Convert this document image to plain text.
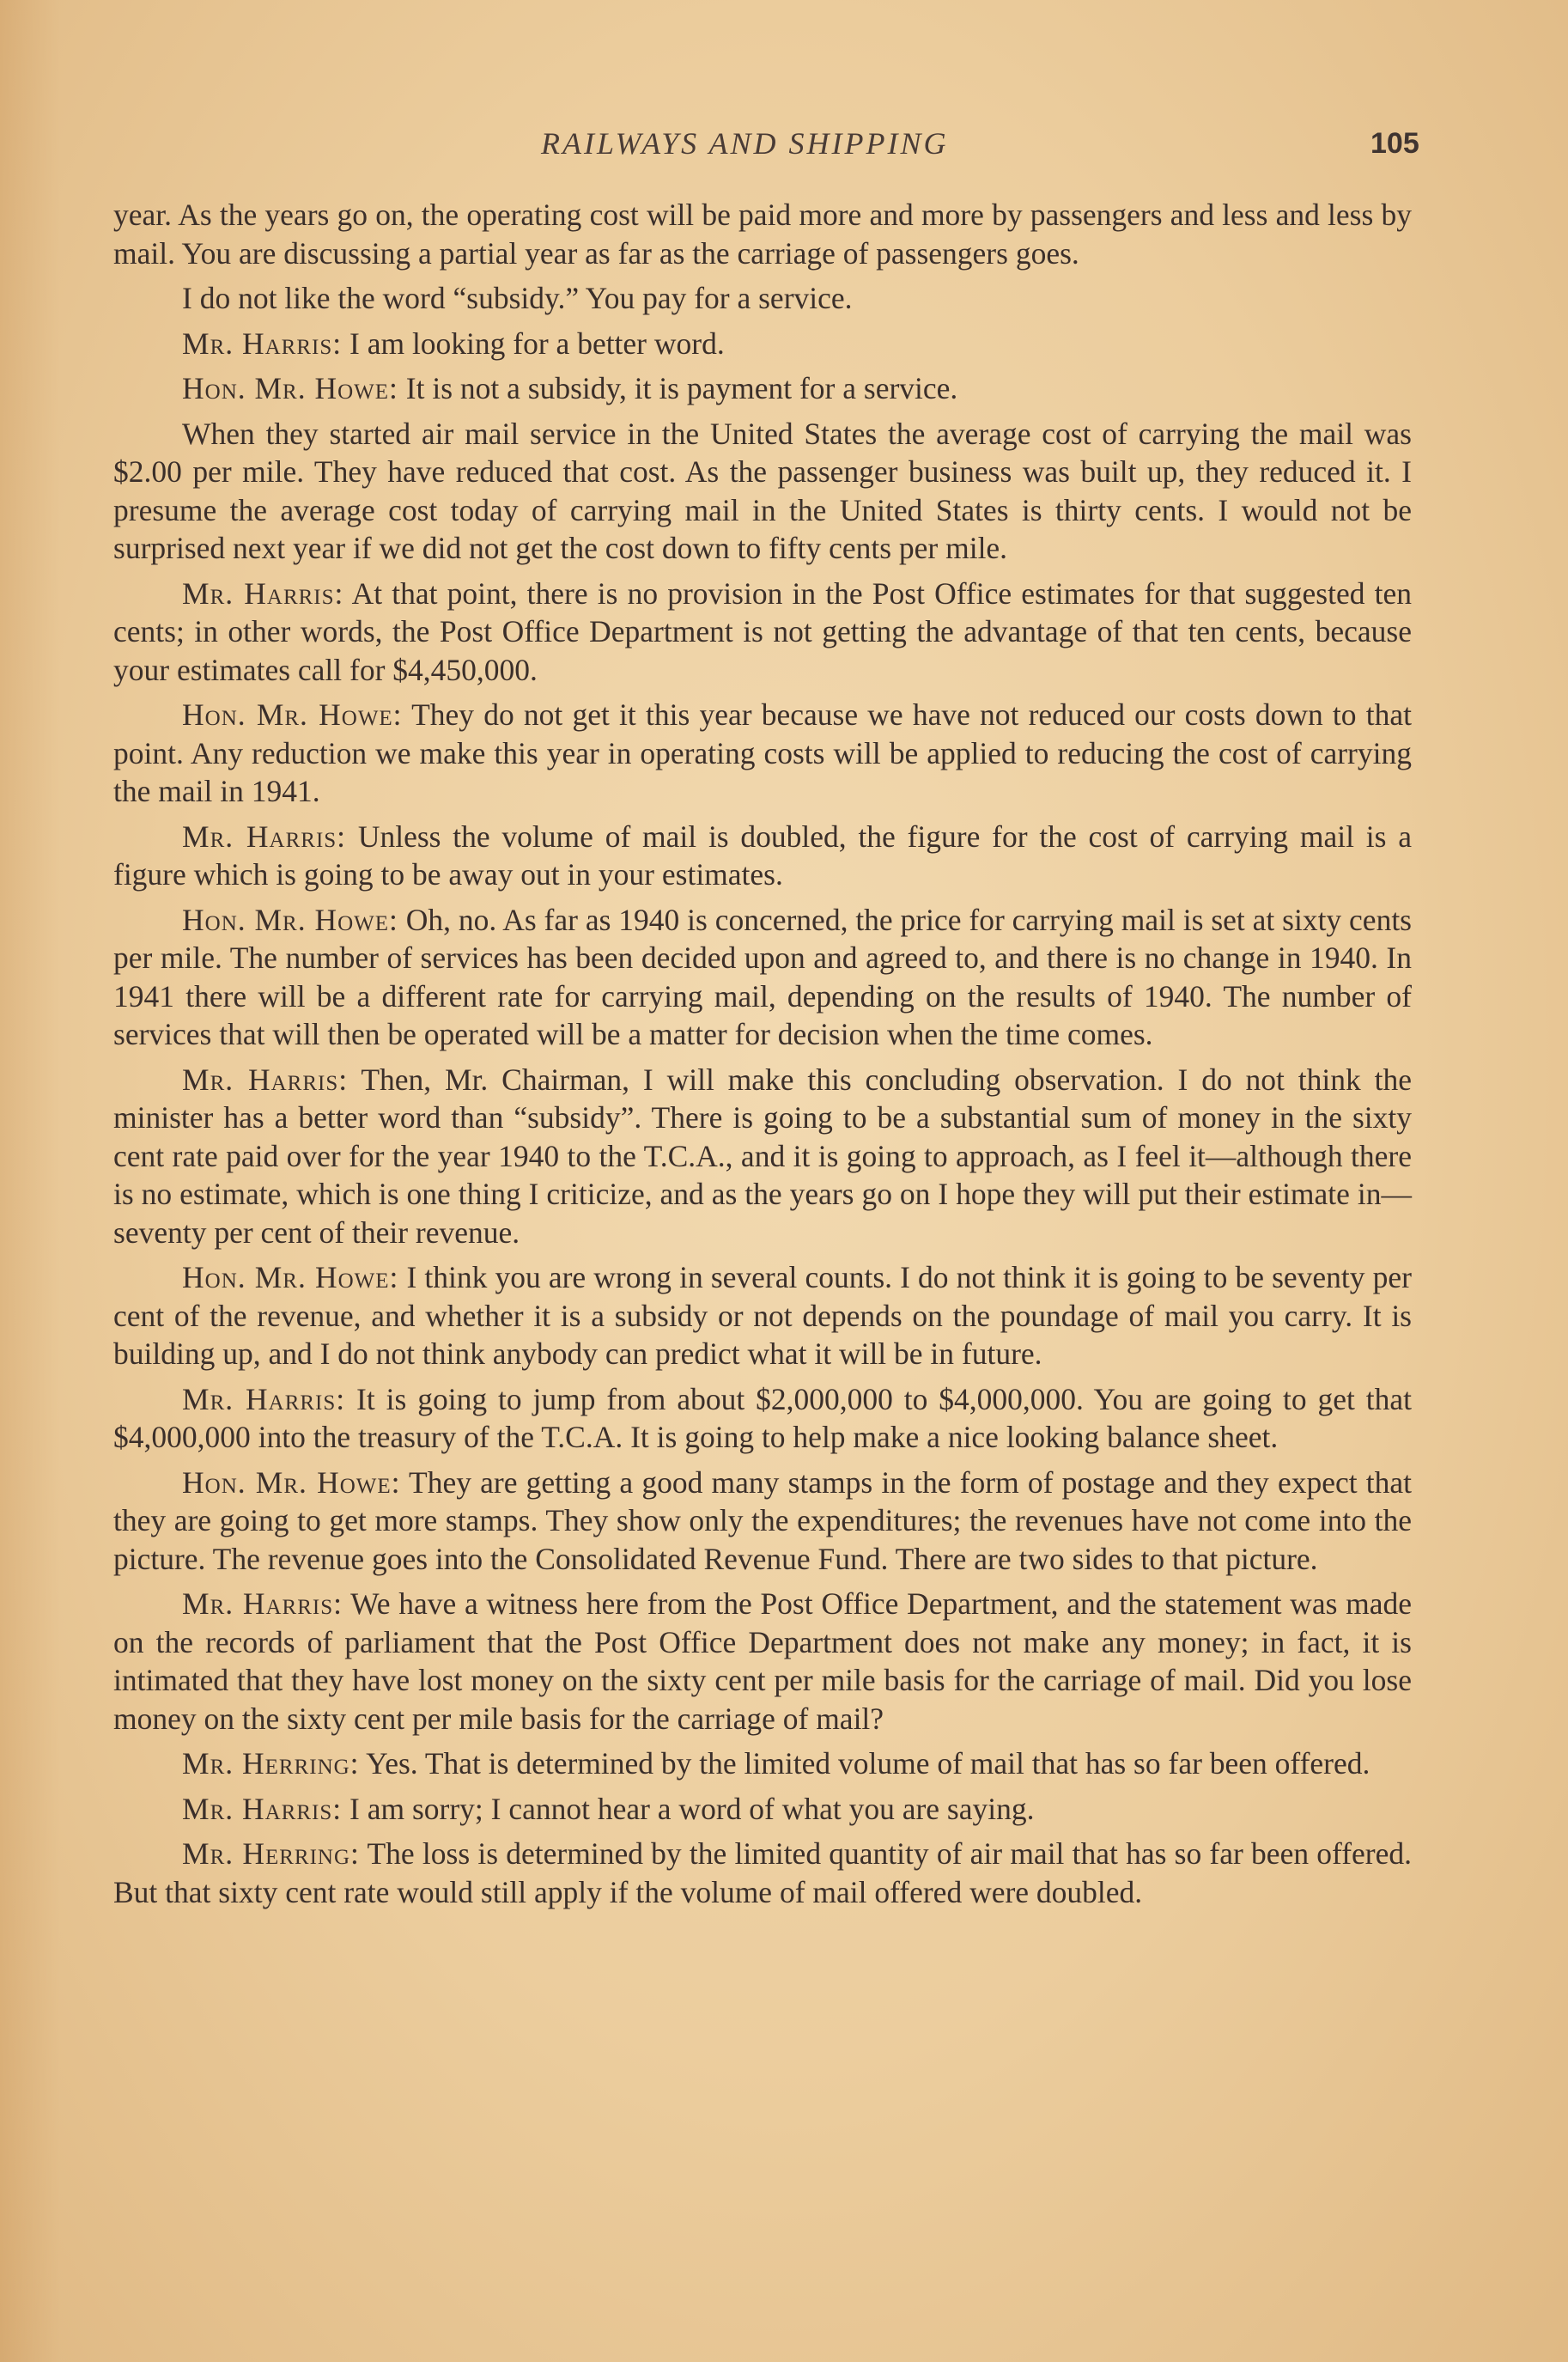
RAILWAYS AND SHIPPING	105

year. As the years go on, the operating cost will be paid more and more by passengers and less and less by mail. You are discussing a partial year as far as the carriage of passengers goes.

I do not like the word “subsidy.” You pay for a service.

Mr. Harris: I am looking for a better word.

Hon. Mr. Howe: It is not a subsidy, it is payment for a service.

When they started air mail service in the United States the average cost of carrying the mail was $2.00 per mile. They have reduced that cost. As the passenger business was built up, they reduced it. I presume the average cost today of carrying mail in the United States is thirty cents. I would not be surprised next year if we did not get the cost down to fifty cents per mile.

Mr. Harris: At that point, there is no provision in the Post Office estimates for that suggested ten cents; in other words, the Post Office Department is not getting the advantage of that ten cents, because your estimates call for $4,450,000.

Hon. Mr. Howe: They do not get it this year because we have not reduced our costs down to that point. Any reduction we make this year in operating costs will be applied to reducing the cost of carrying the mail in 1941.

Mr. Harris: Unless the volume of mail is doubled, the figure for the cost of carrying mail is a figure which is going to be away out in your estimates.

Hon. Mr. Howe: Oh, no. As far as 1940 is concerned, the price for carrying mail is set at sixty cents per mile. The number of services has been decided upon and agreed to, and there is no change in 1940. In 1941 there will be a different rate for carrying mail, depending on the results of 1940. The number of services that will then be operated will be a matter for decision when the time comes.

Mr. Harris: Then, Mr. Chairman, I will make this concluding observation. I do not think the minister has a better word than “subsidy”. There is going to be a substantial sum of money in the sixty cent rate paid over for the year 1940 to the T.C.A., and it is going to approach, as I feel it—although there is no estimate, which is one thing I criticize, and as the years go on I hope they will put their estimate in—seventy per cent of their revenue.

Hon. Mr. Howe: I think you are wrong in several counts. I do not think it is going to be seventy per cent of the revenue, and whether it is a subsidy or not depends on the poundage of mail you carry. It is building up, and I do not think anybody can predict what it will be in future.

Mr. Harris: It is going to jump from about $2,000,000 to $4,000,000. You are going to get that $4,000,000 into the treasury of the T.C.A. It is going to help make a nice looking balance sheet.

Hon. Mr. Howe: They are getting a good many stamps in the form of postage and they expect that they are going to get more stamps. They show only the expenditures; the revenues have not come into the picture. The revenue goes into the Consolidated Revenue Fund. There are two sides to that picture.

Mr. Harris: We have a witness here from the Post Office Department, and the statement was made on the records of parliament that the Post Office Department does not make any money; in fact, it is intimated that they have lost money on the sixty cent per mile basis for the carriage of mail. Did you lose money on the sixty cent per mile basis for the carriage of mail?

Mr. Herring: Yes. That is determined by the limited volume of mail that has so far been offered.

Mr. Harris: I am sorry; I cannot hear a word of what you are saying.

Mr. Herring: The loss is determined by the limited quantity of air mail that has so far been offered. But that sixty cent rate would still apply if the volume of mail offered were doubled.
